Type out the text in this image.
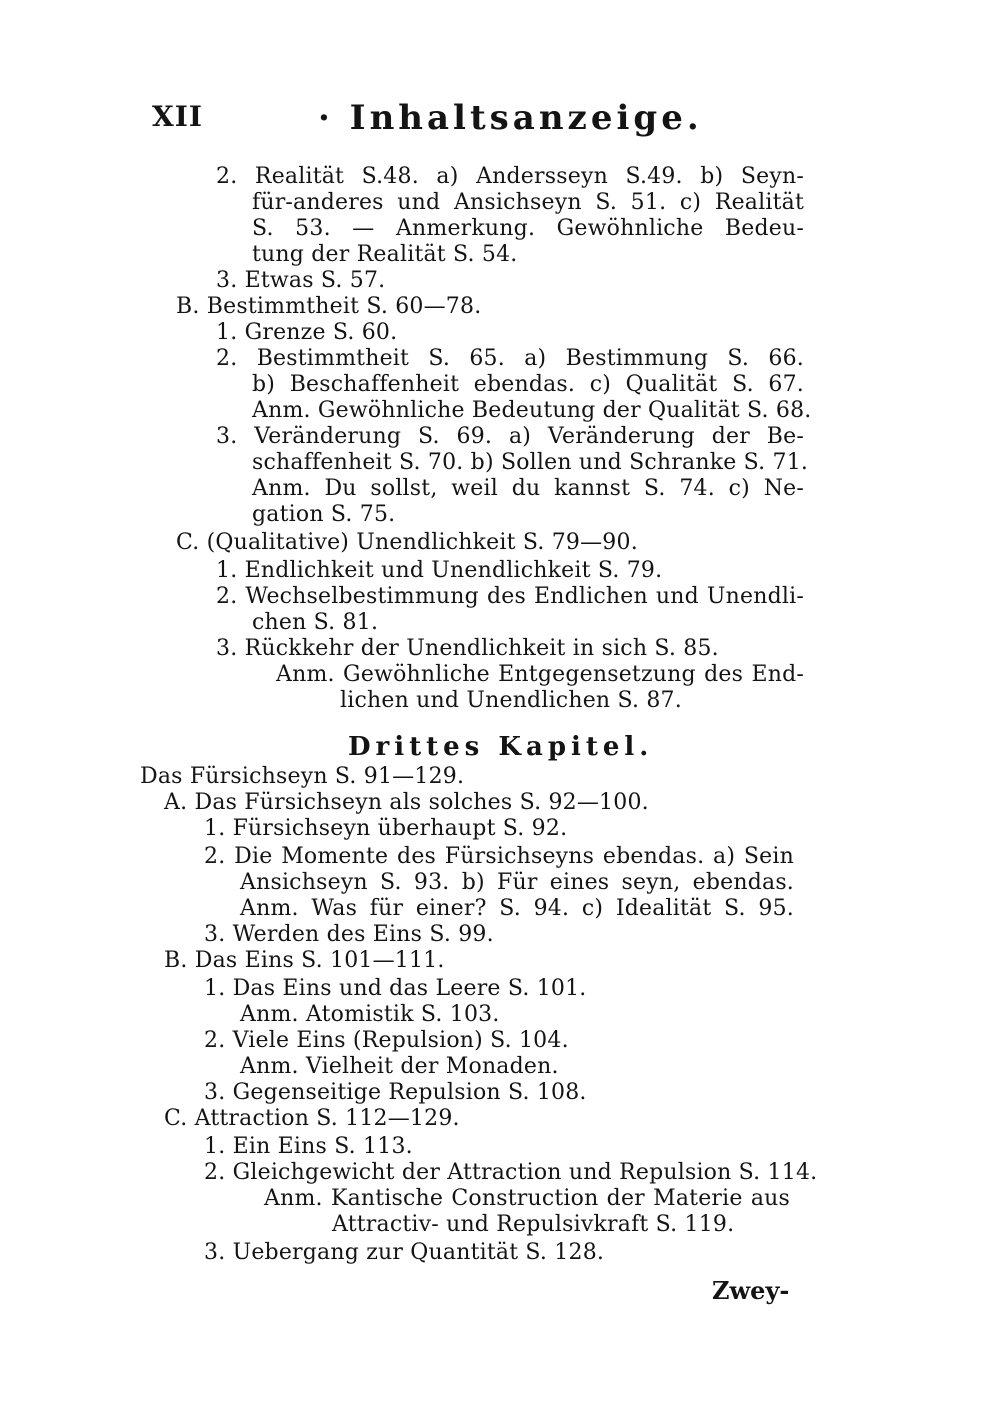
XII	· Inhaltsanzeige.
2. Realität S.48. a) Andersseyn S.49. b) Seyn-
für-anderes und Ansichseyn S. 51. c) Realität
S. 53. — Anmerkung. Gewöhnliche Bedeu-
tung der Realität S. 54.
3. Etwas S. 57.
B. Bestimmtheit S. 60—78.
1. Grenze S. 60.
2. Bestimmtheit S. 65. a) Bestimmung S. 66.
b) Beschaffenheit ebendas. c) Qualität S. 67.
Anm. Gewöhnliche Bedeutung der Qualität S. 68.
3. Veränderung S. 69. a) Veränderung der Be-
schaffenheit S. 70. b) Sollen und Schranke S. 71.
Anm. Du sollst, weil du kannst S. 74. c) Ne-
gation S. 75.
C. (Qualitative) Unendlichkeit S. 79—90.
1. Endlichkeit und Unendlichkeit S. 79.
2. Wechselbestimmung des Endlichen und Unendli-
chen S. 81.
3. Rückkehr der Unendlichkeit in sich S. 85.
Anm. Gewöhnliche Entgegensetzung des End-
lichen und Unendlichen S. 87.
Drittes Kapitel.
Das Fürsichseyn S. 91—129.
A. Das Fürsichseyn als solches S. 92—100.
1. Fürsichseyn überhaupt S. 92.
2. Die Momente des Fürsichseyns ebendas. a) Sein
Ansichseyn S. 93. b) Für eines seyn, ebendas.
Anm. Was für einer? S. 94. c) Idealität S. 95.
3. Werden des Eins S. 99.
B. Das Eins S. 101—111.
1. Das Eins und das Leere S. 101.
Anm. Atomistik S. 103.
2. Viele Eins (Repulsion) S. 104.
Anm. Vielheit der Monaden.
3. Gegenseitige Repulsion S. 108.
C. Attraction S. 112—129.
1. Ein Eins S. 113.
2. Gleichgewicht der Attraction und Repulsion S. 114.
Anm. Kantische Construction der Materie aus
Attractiv- und Repulsivkraft S. 119.
3. Uebergang zur Quantität S. 128.
Zwey-
